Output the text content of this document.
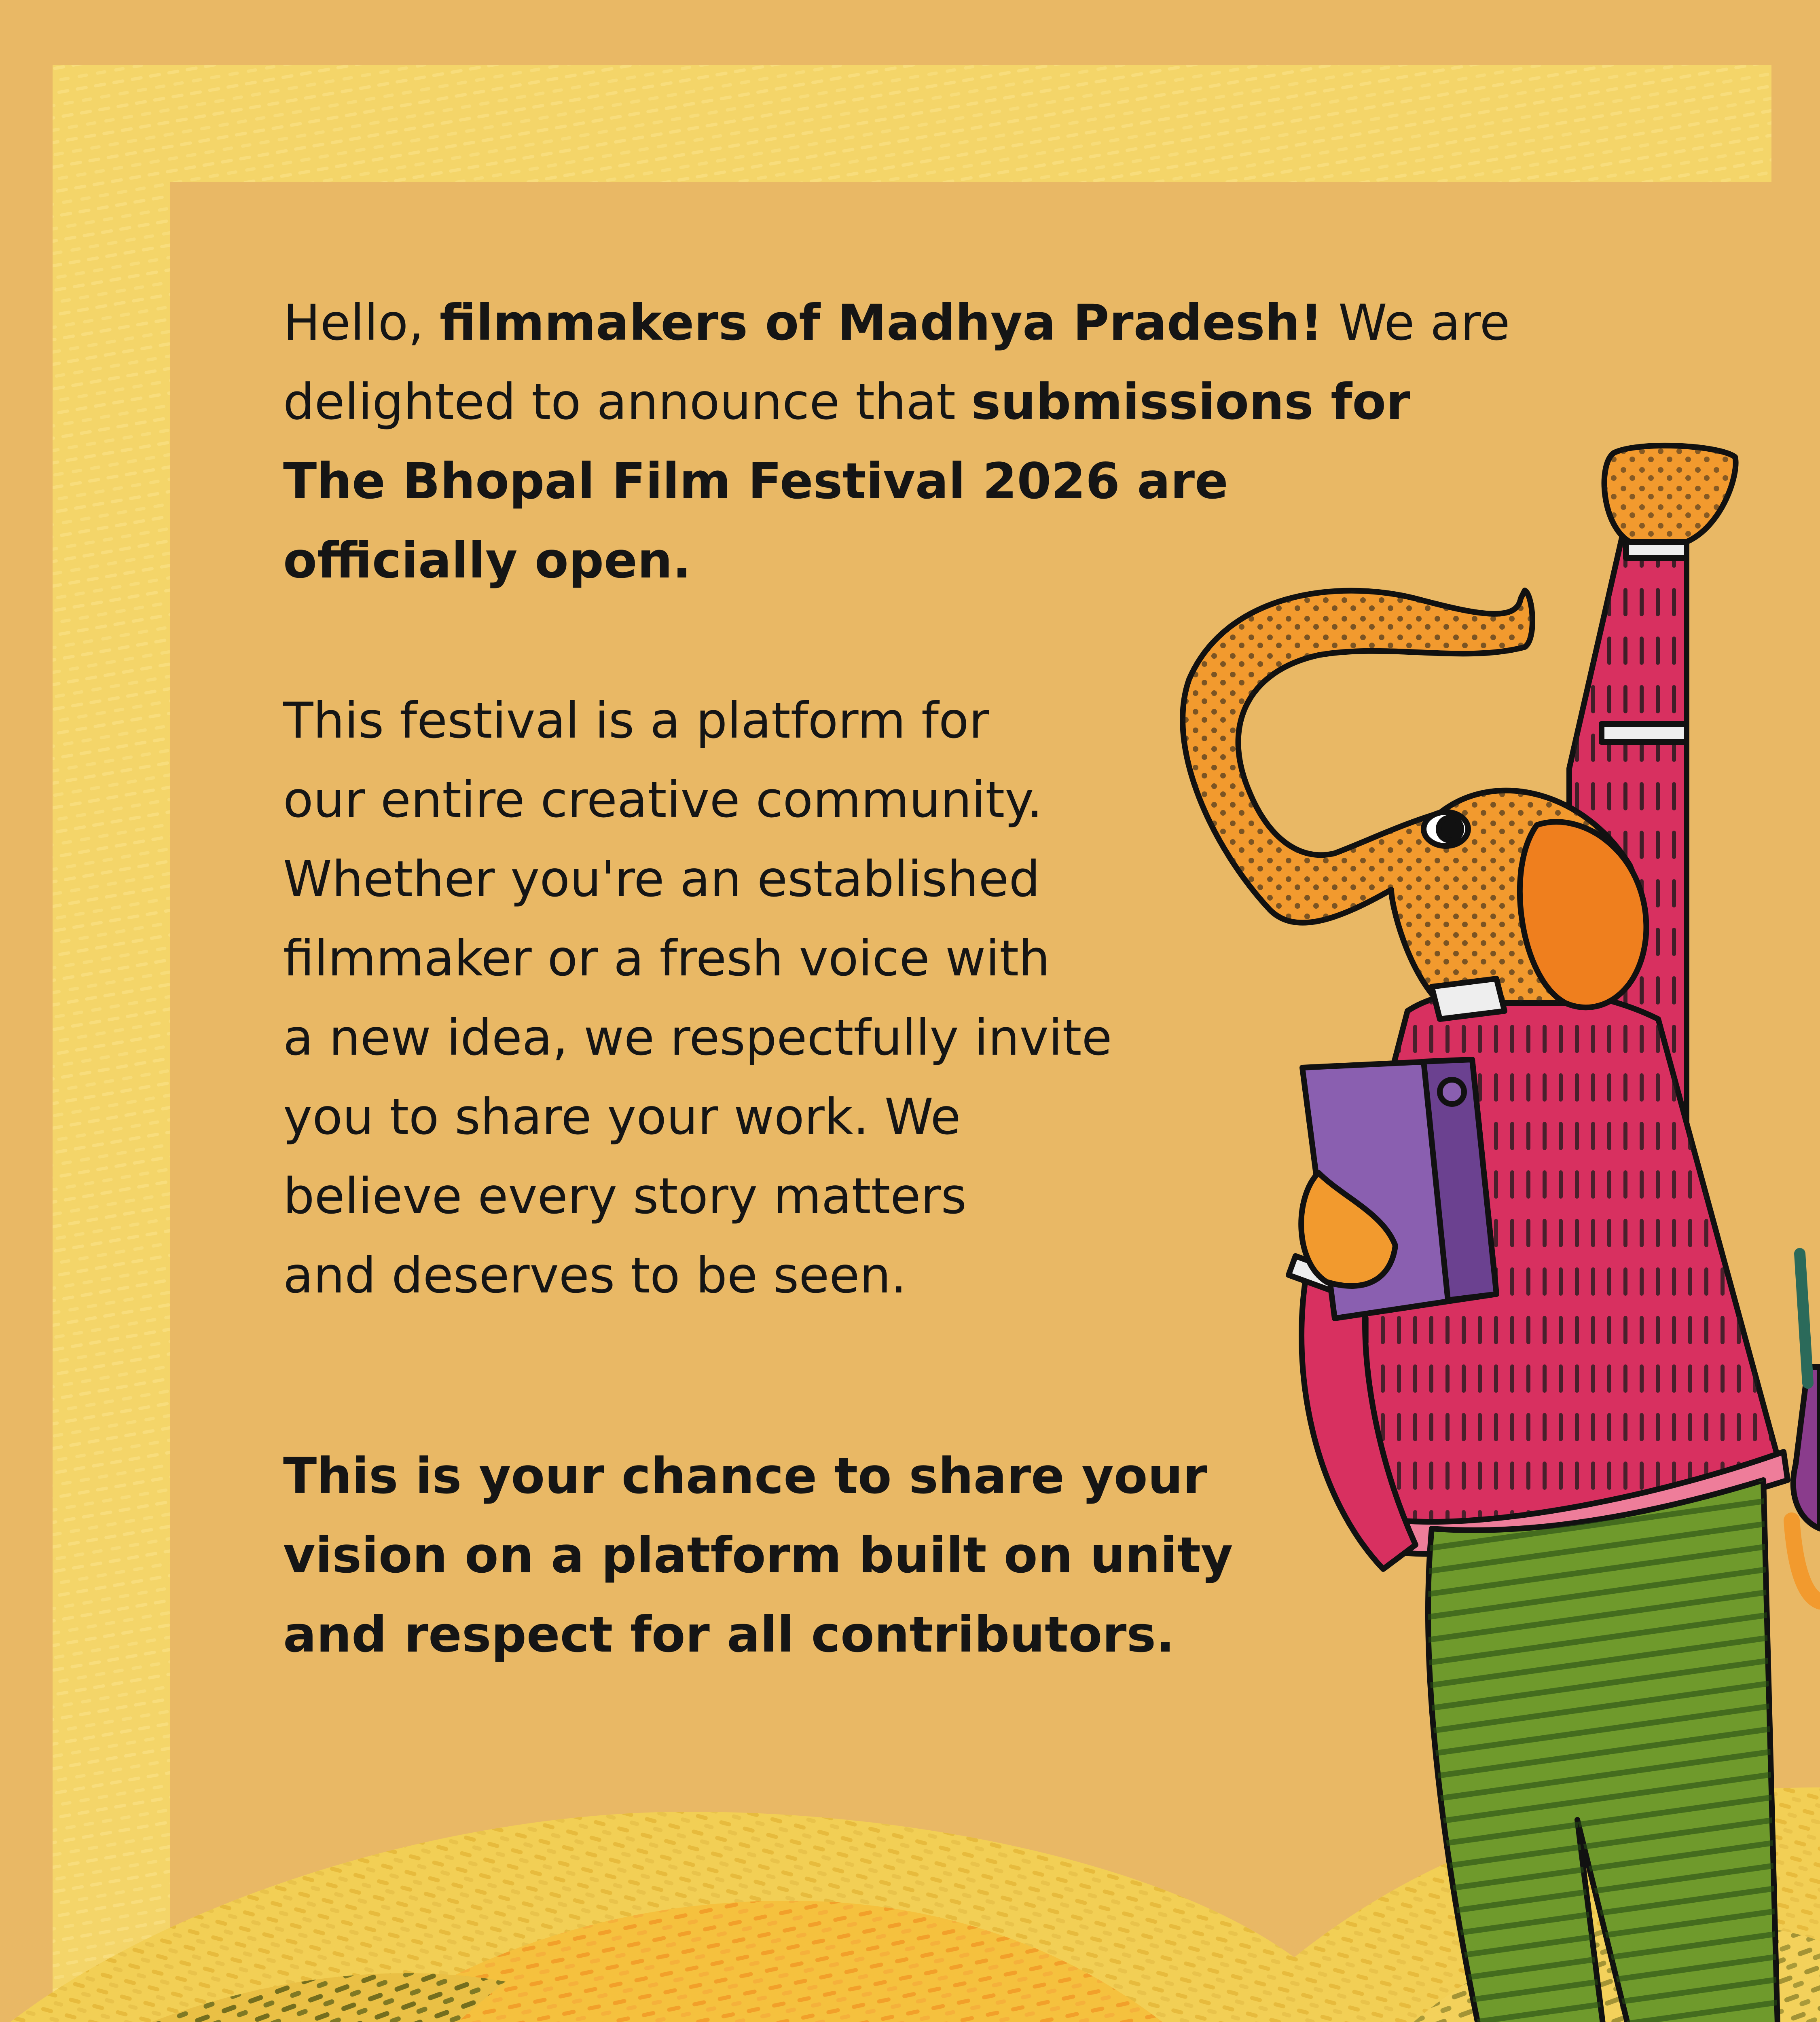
Hello, filmmakers of Madhya Pradesh! We are
delighted to announce that submissions for
The Bhopal Film Festival 2026 are
officially open.

This festival is a platform for
our entire creative community.
Whether you're an established
filmmaker or a fresh voice with
a new idea, we respectfully invite
you to share your work. We
believe every story matters
and deserves to be seen.

This is your chance to share your
vision on a platform built on unity
and respect for all contributors.
